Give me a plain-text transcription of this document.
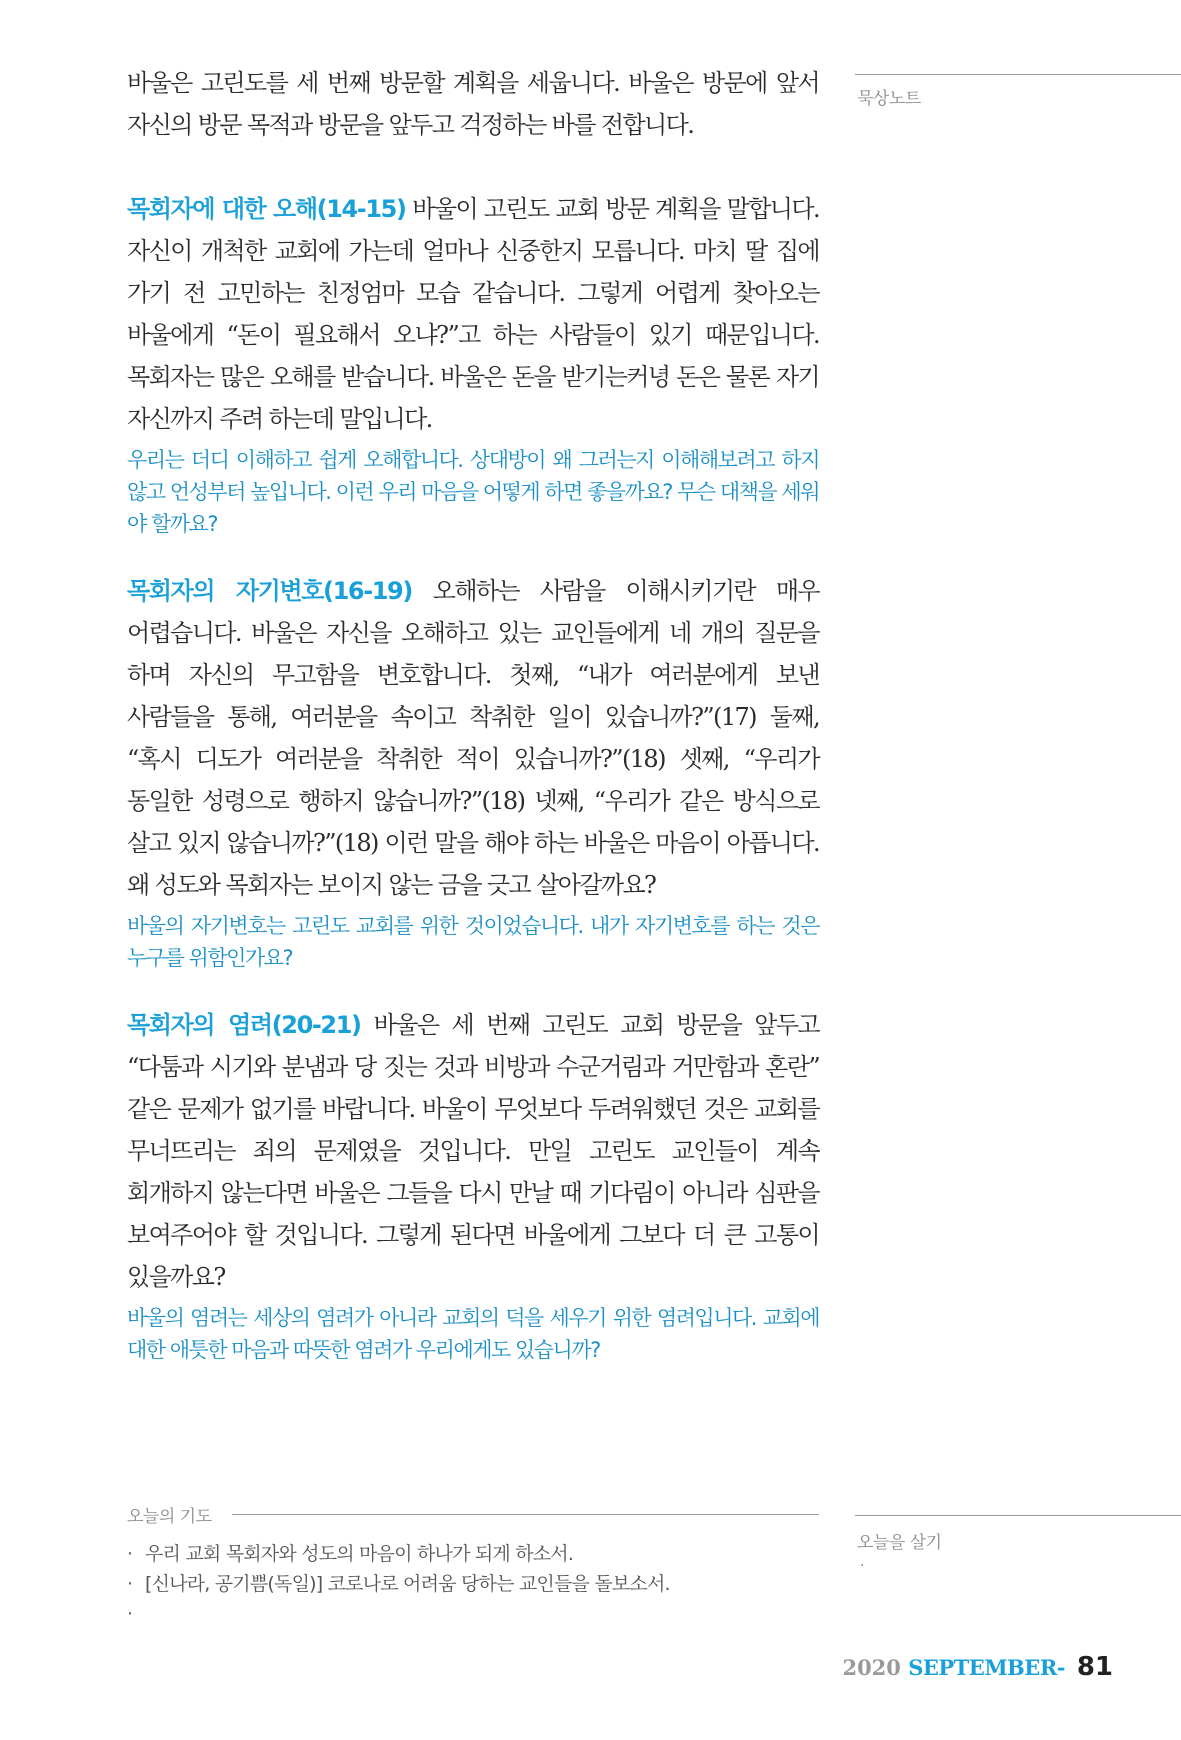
묵상노트
오늘을 살기
·

바울은 고린도를 세 번째 방문할 계획을 세웁니다. 바울은 방문에 앞서 자신의 방문 목적과 방문을 앞두고 걱정하는 바를 전합니다.

목회자에 대한 오해(14-15) 바울이 고린도 교회 방문 계획을 말합니다. 자신이 개척한 교회에 가는데 얼마나 신중한지 모릅니다. 마치 딸 집에 가기 전 고민하는 친정엄마 모습 같습니다. 그렇게 어렵게 찾아오는 바울에게 “돈이 필요해서 오냐?”고 하는 사람들이 있기 때문입니다. 목회자는 많은 오해를 받습니다. 바울은 돈을 받기는커녕 돈은 물론 자기 자신까지 주려 하는데 말입니다.

우리는 더디 이해하고 쉽게 오해합니다. 상대방이 왜 그러는지 이해해보려고 하지 않고 언성부터 높입니다. 이런 우리 마음을 어떻게 하면 좋을까요? 무슨 대책을 세워야 할까요?

목회자의 자기변호(16-19) 오해하는 사람을 이해시키기란 매우 어렵습니다. 바울은 자신을 오해하고 있는 교인들에게 네 개의 질문을 하며 자신의 무고함을 변호합니다. 첫째, “내가 여러분에게 보낸 사람들을 통해, 여러분을 속이고 착취한 일이 있습니까?”(17) 둘째, “혹시 디도가 여러분을 착취한 적이 있습니까?”(18) 셋째, “우리가 동일한 성령으로 행하지 않습니까?”(18) 넷째, “우리가 같은 방식으로 살고 있지 않습니까?”(18) 이런 말을 해야 하는 바울은 마음이 아픕니다. 왜 성도와 목회자는 보이지 않는 금을 긋고 살아갈까요?

바울의 자기변호는 고린도 교회를 위한 것이었습니다. 내가 자기변호를 하는 것은 누구를 위함인가요?

목회자의 염려(20-21) 바울은 세 번째 고린도 교회 방문을 앞두고 “다툼과 시기와 분냄과 당 짓는 것과 비방과 수군거림과 거만함과 혼란” 같은 문제가 없기를 바랍니다. 바울이 무엇보다 두려워했던 것은 교회를 무너뜨리는 죄의 문제였을 것입니다. 만일 고린도 교인들이 계속 회개하지 않는다면 바울은 그들을 다시 만날 때 기다림이 아니라 심판을 보여주어야 할 것입니다. 그렇게 된다면 바울에게 그보다 더 큰 고통이 있을까요?

바울의 염려는 세상의 염려가 아니라 교회의 덕을 세우기 위한 염려입니다. 교회에 대한 애틋한 마음과 따뜻한 염려가 우리에게도 있습니까?

오늘의 기도
· 우리 교회 목회자와 성도의 마음이 하나가 되게 하소서.
· [신나라, 공기쁨(독일)] 코로나로 어려움 당하는 교인들을 돌보소서.
·
2020 SEPTEMBER- 81
